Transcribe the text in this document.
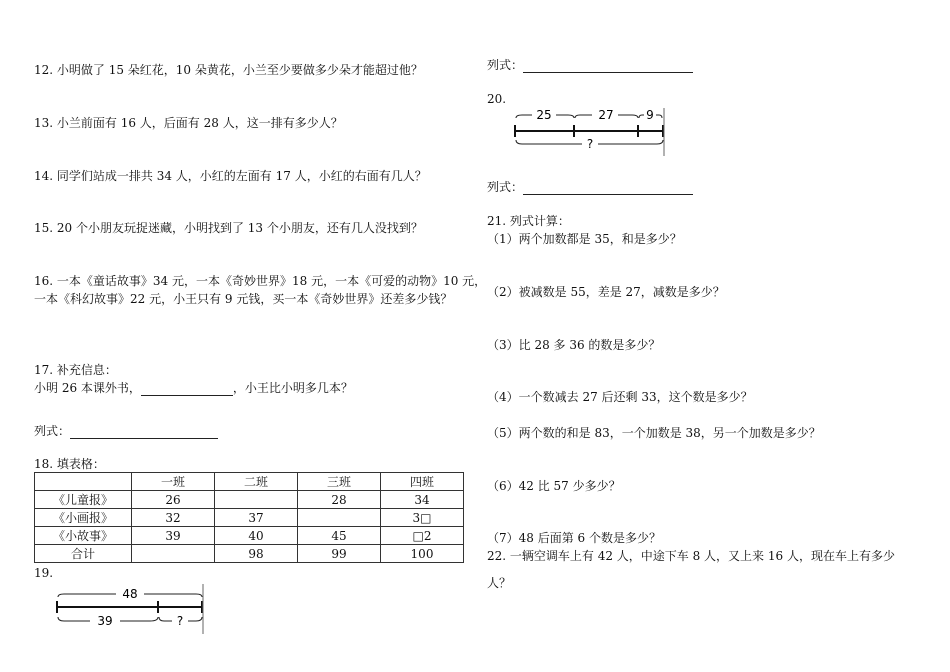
12. 小明做了 15 朵红花，10 朵黄花，小兰至少要做多少朵才能超过他？
13. 小兰前面有 16 人，后面有 28 人，这一排有多少人？
14. 同学们站成一排共 34 人，小红的左面有 17 人，小红的右面有几人？
15. 20 个小朋友玩捉迷藏，小明找到了 13 个小朋友，还有几人没找到？
16. 一本《童话故事》34 元，一本《奇妙世界》18 元，一本《可爱的动物》10 元，
一本《科幻故事》22 元，小王只有 9 元钱，买一本《奇妙世界》还差多少钱？
17. 补充信息：
小明 26 本课外书，	，小王比小明多几本？
列式：
18. 填表格：
	一班	二班	三班	四班
《儿童报》	26		28	34
《小画报》	32	37		3□
《小故事》	39	40	45	□2
合计		98	99	100
19.
48
39	?
列式：
20.
25	27	9
?
列式：
21. 列式计算：
（1）两个加数都是 35，和是多少？
（2）被减数是 55，差是 27，减数是多少？
（3）比 28 多 36 的数是多少？
（4）一个数减去 27 后还剩 33，这个数是多少？
（5）两个数的和是 83，一个加数是 38，另一个加数是多少？
（6）42 比 57 少多少？
（7）48 后面第 6 个数是多少？
22. 一辆空调车上有 42 人，中途下车 8 人，又上来 16 人，现在车上有多少
人？
